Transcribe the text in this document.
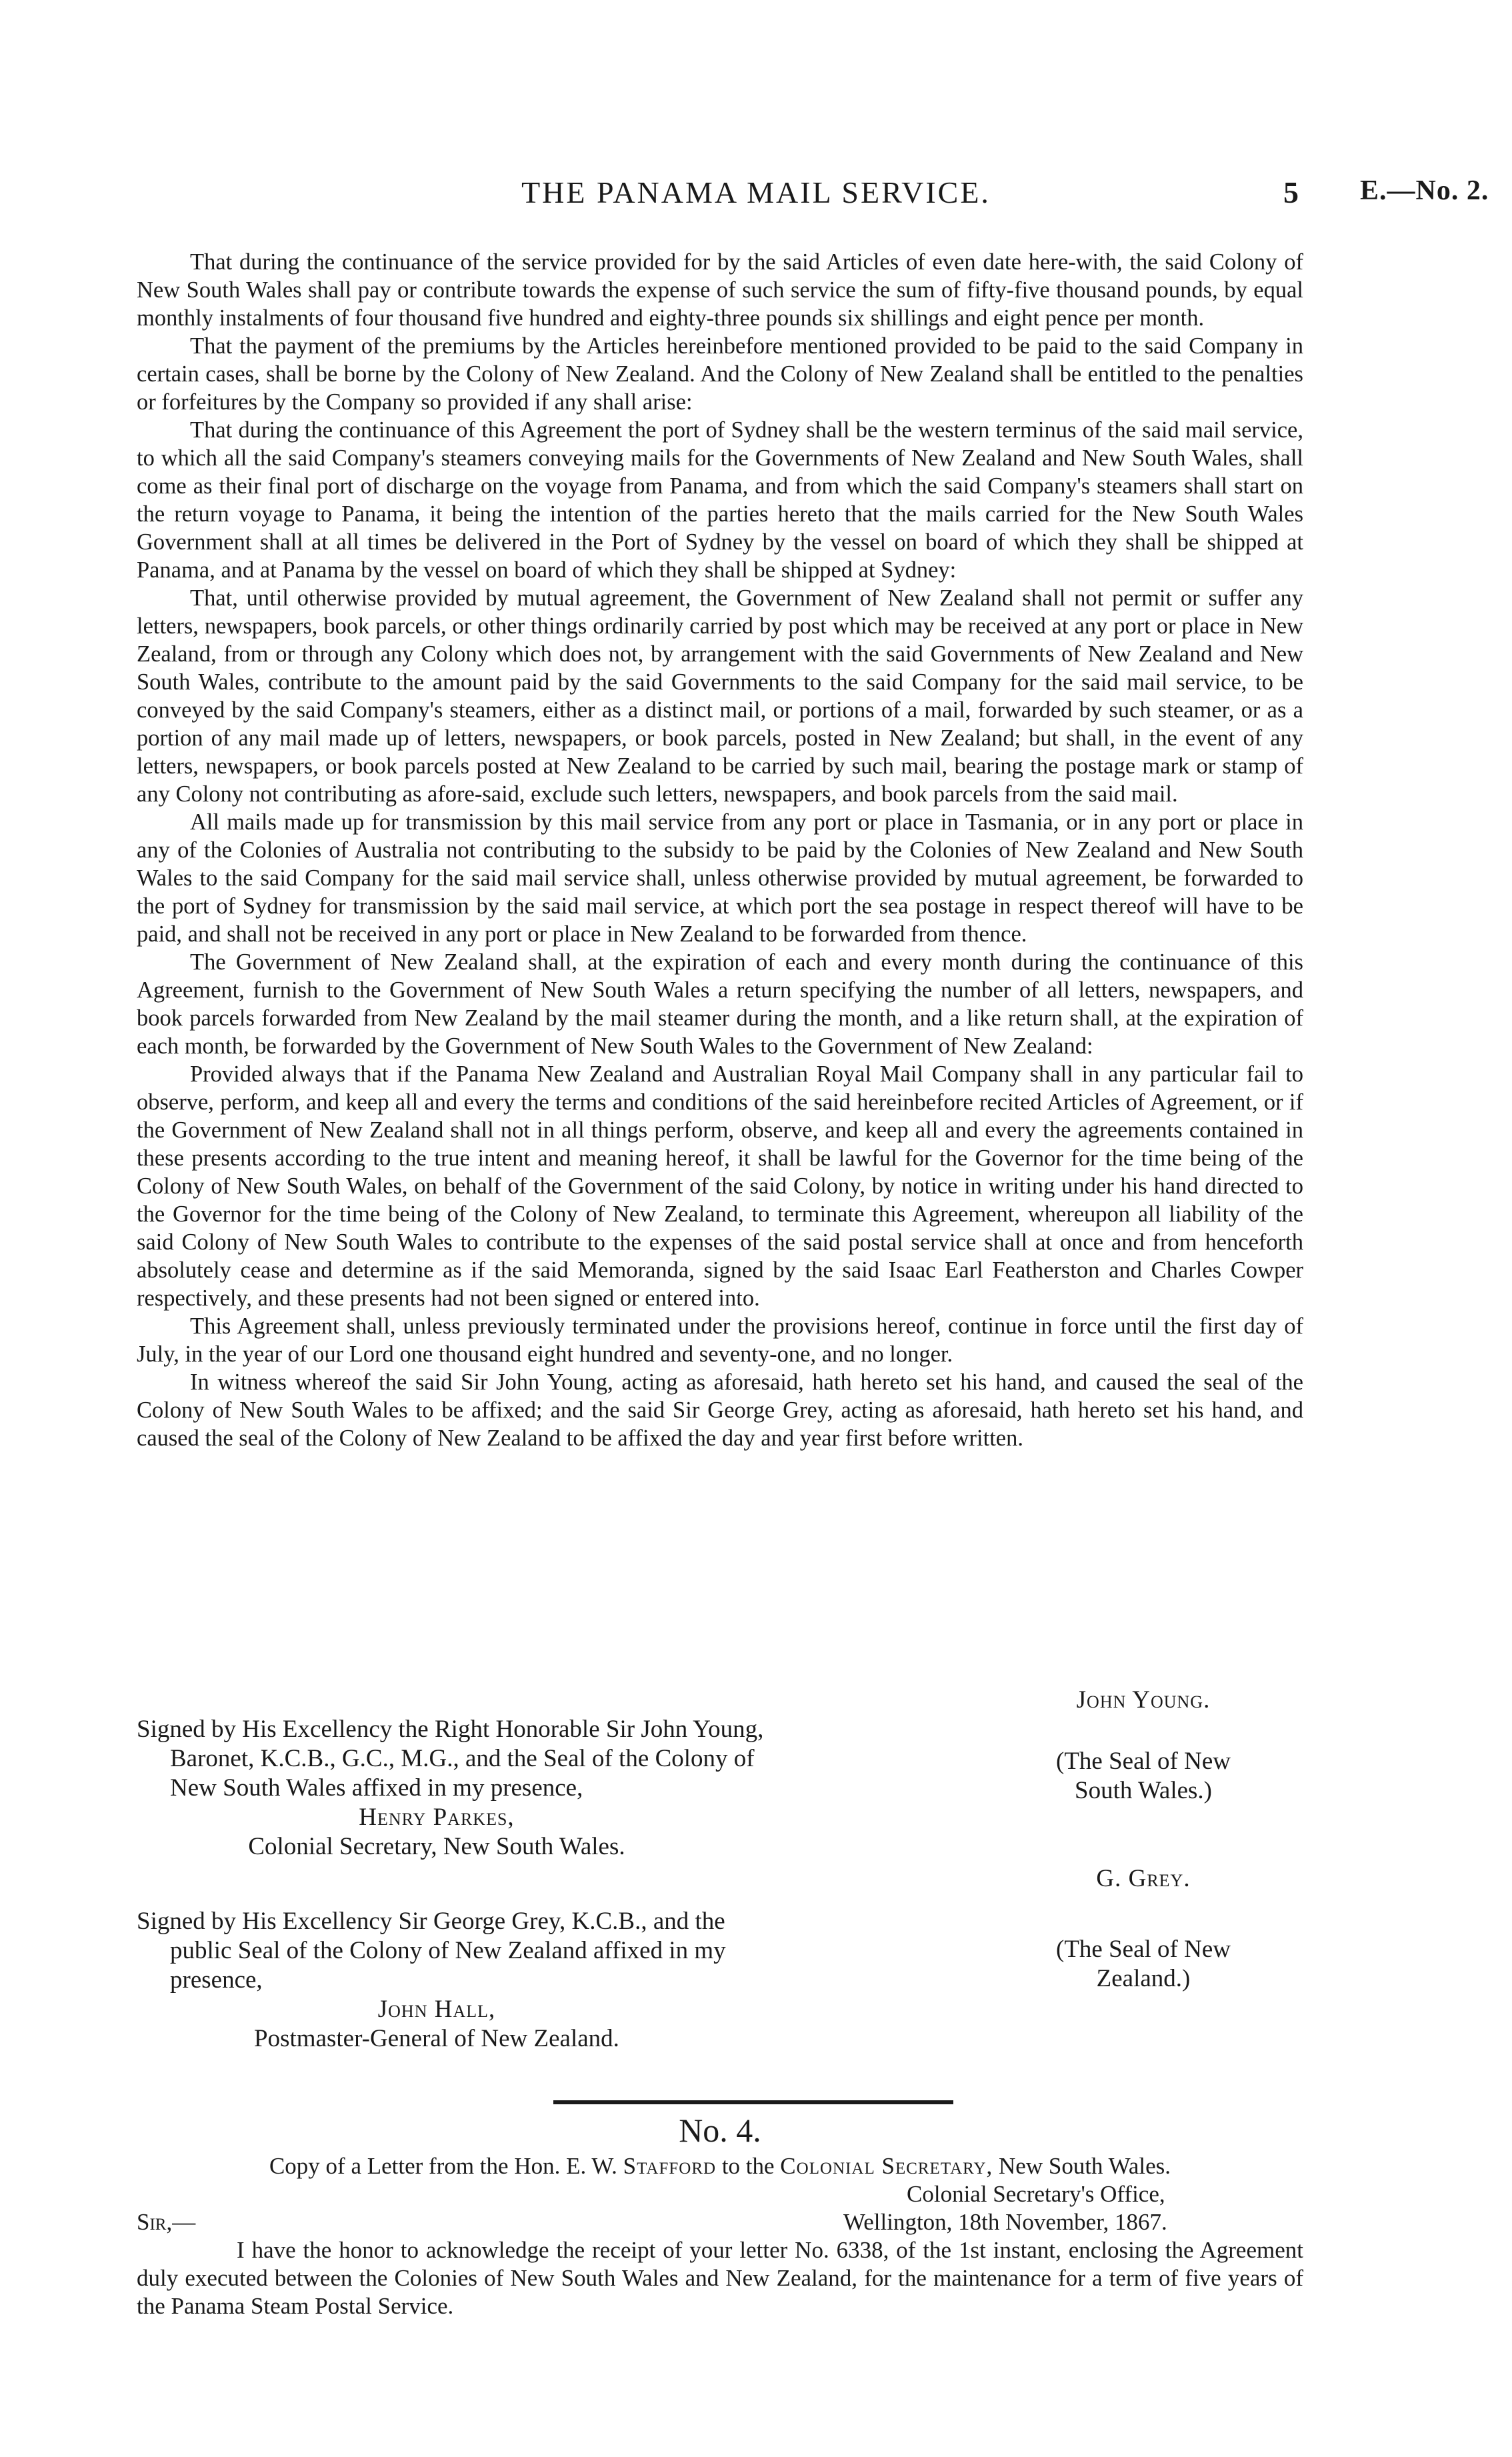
THE PANAMA MAIL SERVICE.	5 E.—No. 2.

That during the continuance of the service provided for by the said Articles of even date here-with, the said Colony of New South Wales shall pay or contribute towards the expense of such service the sum of fifty-five thousand pounds, by equal monthly instalments of four thousand five hundred and eighty-three pounds six shillings and eight pence per month.

That the payment of the premiums by the Articles hereinbefore mentioned provided to be paid to the said Company in certain cases, shall be borne by the Colony of New Zealand. And the Colony of New Zealand shall be entitled to the penalties or forfeitures by the Company so provided if any shall arise:

That during the continuance of this Agreement the port of Sydney shall be the western terminus of the said mail service, to which all the said Company's steamers conveying mails for the Governments of New Zealand and New South Wales, shall come as their final port of discharge on the voyage from Panama, and from which the said Company's steamers shall start on the return voyage to Panama, it being the intention of the parties hereto that the mails carried for the New South Wales Government shall at all times be delivered in the Port of Sydney by the vessel on board of which they shall be shipped at Panama, and at Panama by the vessel on board of which they shall be shipped at Sydney:

That, until otherwise provided by mutual agreement, the Government of New Zealand shall not permit or suffer any letters, newspapers, book parcels, or other things ordinarily carried by post which may be received at any port or place in New Zealand, from or through any Colony which does not, by arrangement with the said Governments of New Zealand and New South Wales, contribute to the amount paid by the said Governments to the said Company for the said mail service, to be conveyed by the said Company's steamers, either as a distinct mail, or portions of a mail, forwarded by such steamer, or as a portion of any mail made up of letters, newspapers, or book parcels, posted in New Zealand; but shall, in the event of any letters, newspapers, or book parcels posted at New Zealand to be carried by such mail, bearing the postage mark or stamp of any Colony not contributing as afore-said, exclude such letters, newspapers, and book parcels from the said mail.

All mails made up for transmission by this mail service from any port or place in Tasmania, or in any port or place in any of the Colonies of Australia not contributing to the subsidy to be paid by the Colonies of New Zealand and New South Wales to the said Company for the said mail service shall, unless otherwise provided by mutual agreement, be forwarded to the port of Sydney for transmission by the said mail service, at which port the sea postage in respect thereof will have to be paid, and shall not be received in any port or place in New Zealand to be forwarded from thence.

The Government of New Zealand shall, at the expiration of each and every month during the continuance of this Agreement, furnish to the Government of New South Wales a return specifying the number of all letters, newspapers, and book parcels forwarded from New Zealand by the mail steamer during the month, and a like return shall, at the expiration of each month, be forwarded by the Government of New South Wales to the Government of New Zealand:

Provided always that if the Panama New Zealand and Australian Royal Mail Company shall in any particular fail to observe, perform, and keep all and every the terms and conditions of the said hereinbefore recited Articles of Agreement, or if the Government of New Zealand shall not in all things perform, observe, and keep all and every the agreements contained in these presents according to the true intent and meaning hereof, it shall be lawful for the Governor for the time being of the Colony of New South Wales, on behalf of the Government of the said Colony, by notice in writing under his hand directed to the Governor for the time being of the Colony of New Zealand, to terminate this Agreement, whereupon all liability of the said Colony of New South Wales to contribute to the expenses of the said postal service shall at once and from henceforth absolutely cease and determine as if the said Memoranda, signed by the said Isaac Earl Featherston and Charles Cowper respectively, and these presents had not been signed or entered into.

This Agreement shall, unless previously terminated under the provisions hereof, continue in force until the first day of July, in the year of our Lord one thousand eight hundred and seventy-one, and no longer.

In witness whereof the said Sir John Young, acting as aforesaid, hath hereto set his hand, and caused the seal of the Colony of New South Wales to be affixed; and the said Sir George Grey, acting as aforesaid, hath hereto set his hand, and caused the seal of the Colony of New Zealand to be affixed the day and year first before written.

John Young.

Signed by His Excellency the Right Honorable Sir John Young,

Baronet, K.C.B., G.C., M.G., and the Seal of the Colony of

New South Wales affixed in my presence,

Henry Parkes,
Colonial Secretary, New South Wales.
(The Seal of New
South Wales.)
G. Grey.

Signed by His Excellency Sir George Grey, K.C.B., and the

public Seal of the Colony of New Zealand affixed in my

presence,

John Hall,
Postmaster-General of New Zealand.
(The Seal of New
Zealand.)

No. 4.

Copy of a Letter from the Hon. E. W. Stafford to the Colonial Secretary, New South Wales.

Colonial Secretary's Office,
Sir,—	Wellington, 18th November, 1867.

I have the honor to acknowledge the receipt of your letter No. 6338, of the 1st instant, enclosing the Agreement duly executed between the Colonies of New South Wales and New Zealand, for the maintenance for a term of five years of the Panama Steam Postal Service.
